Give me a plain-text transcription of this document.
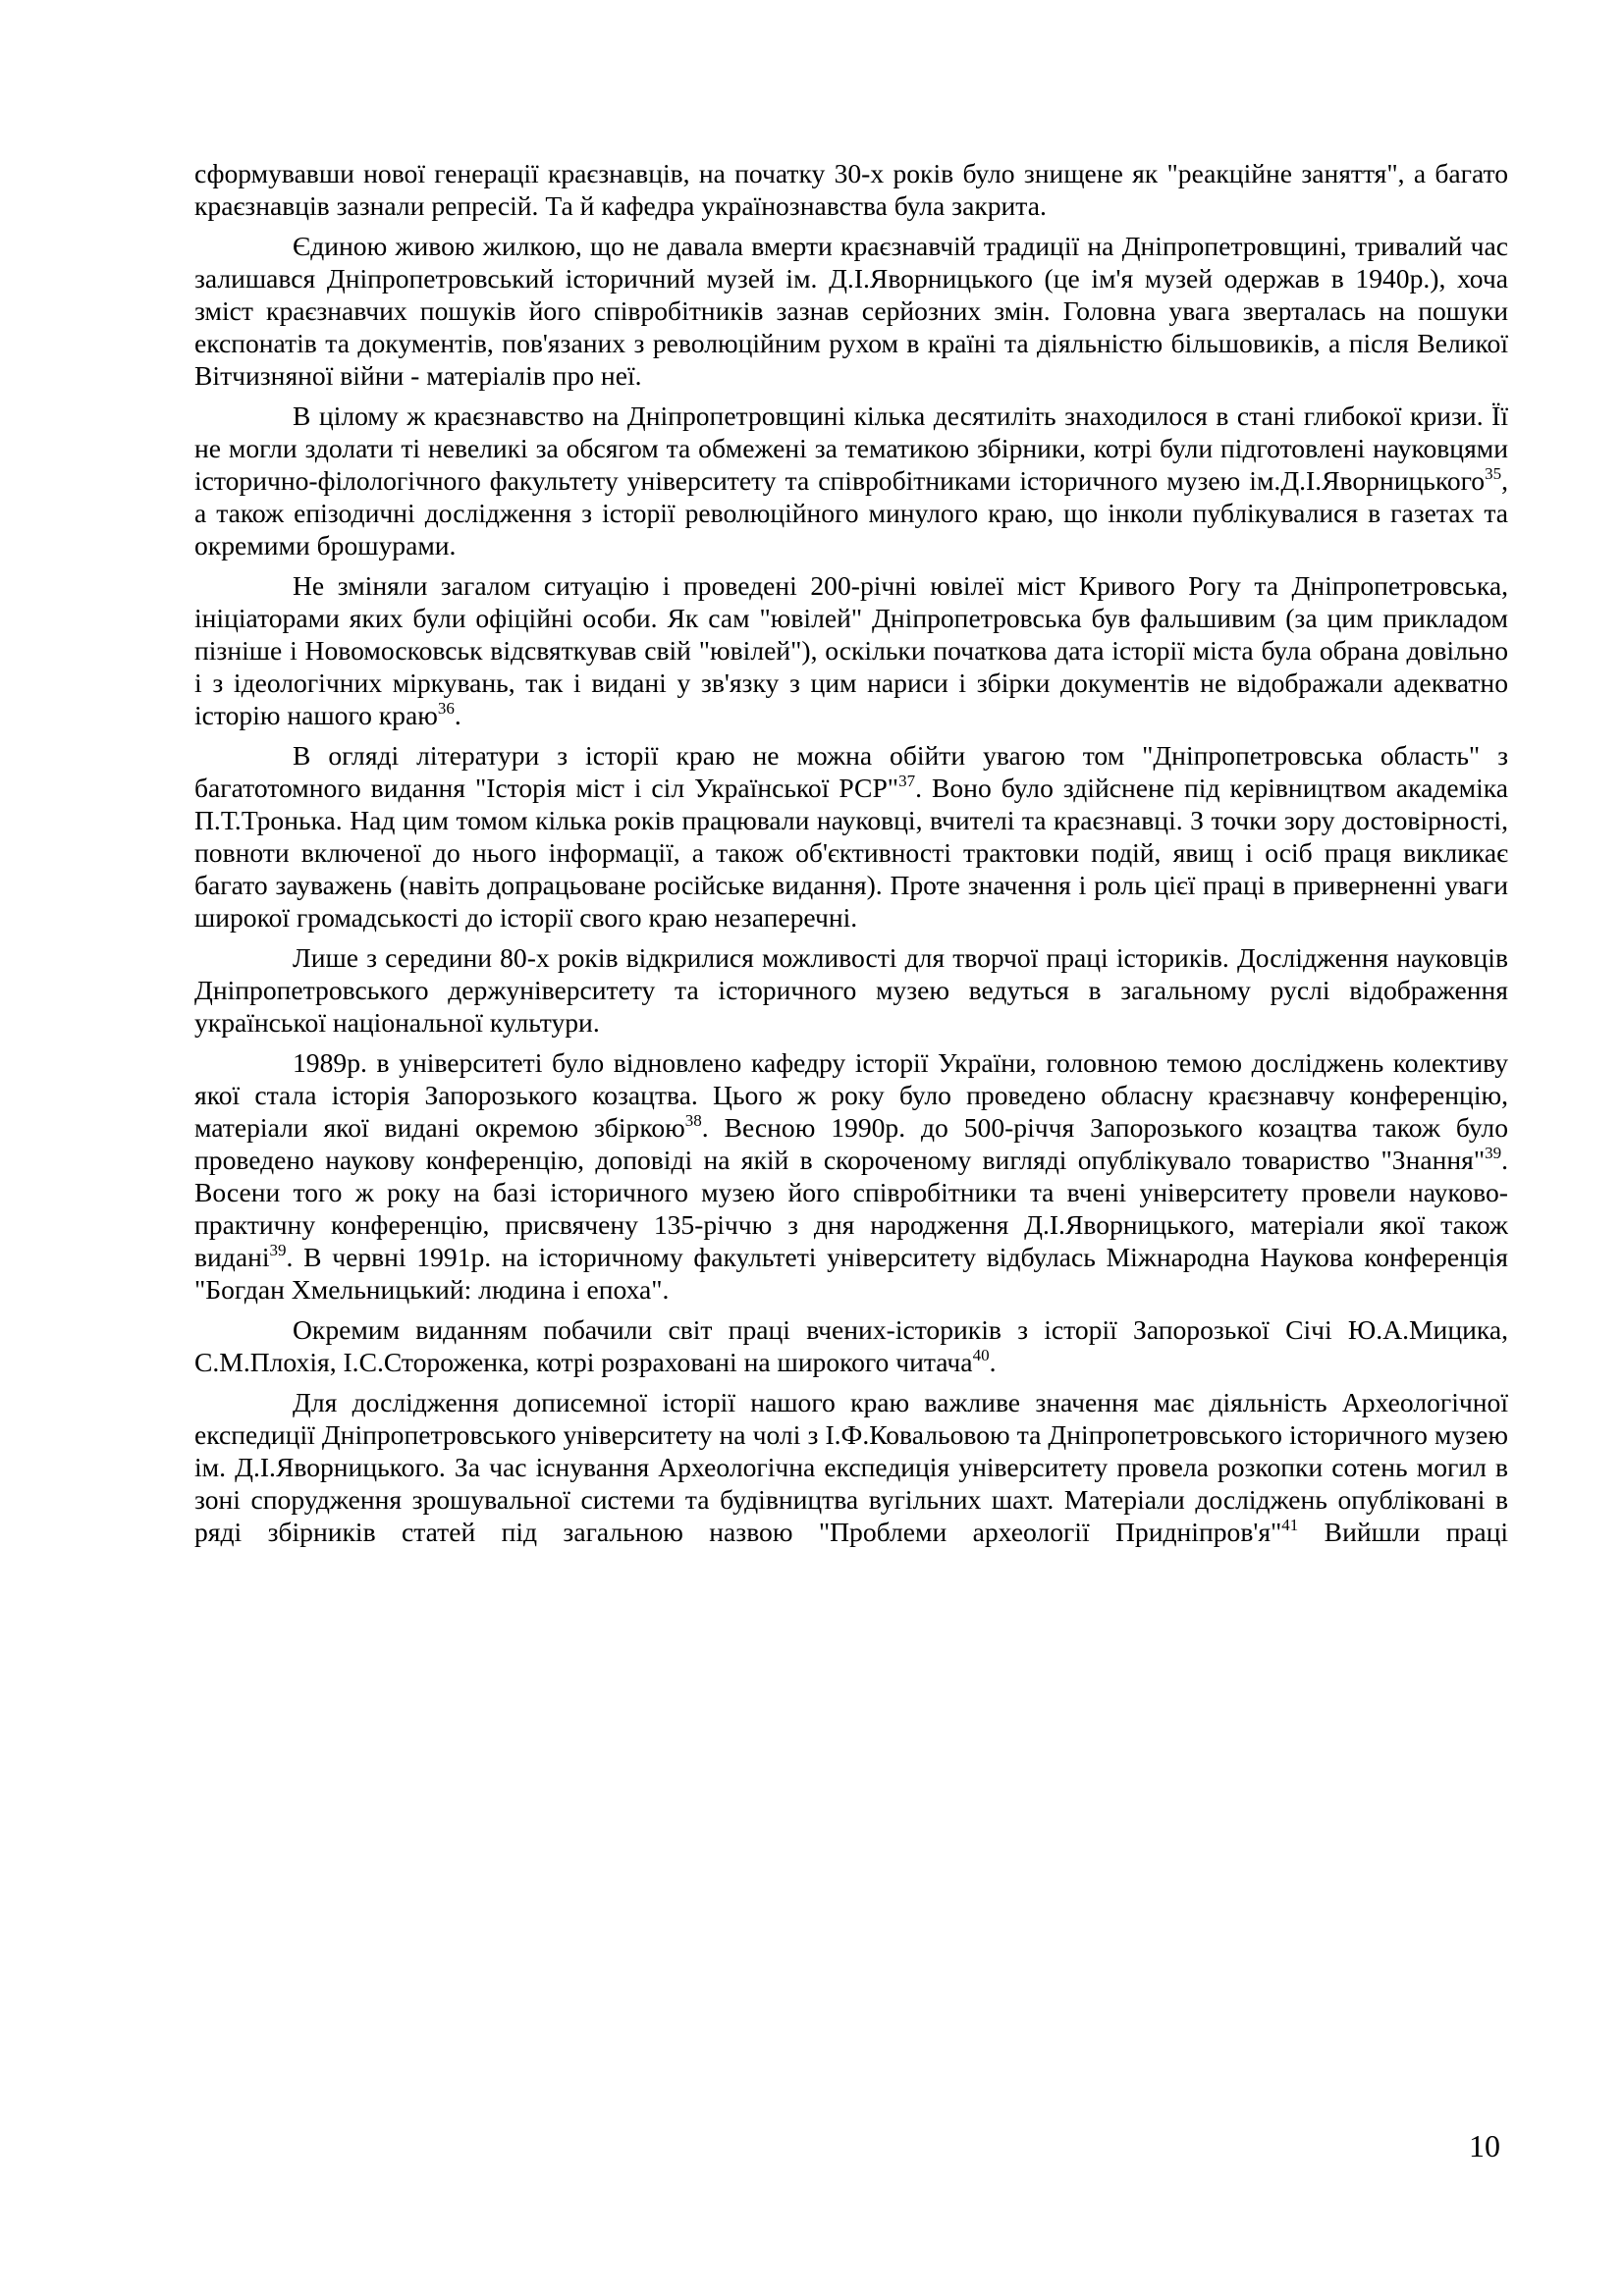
сформувавши нової генерації краєзнавців, на початку 30-х років було знищене як "реакційне заняття", а багато краєзнавців зазнали репресій. Та й кафедра українознавства була закрита.

Єдиною живою жилкою, що не давала вмерти краєзнавчій традиції на Дніпропетровщині, тривалий час залишався Дніпропетровський історичний музей ім. Д.І.Яворницького (це ім'я музей одержав в 1940р.), хоча зміст краєзнавчих пошуків його співробітників зазнав серйозних змін. Головна увага зверталась на пошуки експонатів та документів, пов'язаних з революційним рухом в країні та діяльністю більшовиків, а після Великої Вітчизняної війни - матеріалів про неї.

В цілому ж краєзнавство на Дніпропетровщині кілька десятиліть знаходилося в стані глибокої кризи. Її не могли здолати ті невеликі за обсягом та обмежені за тематикою збірники, котрі були підготовлені науковцями історично-філологічного факультету університету та співробітниками історичного музею ім.Д.І.Яворницького$^{35}$, а також епізодичні дослідження з історії революційного минулого краю, що інколи публікувалися в газетах та окремими брошурами.

Не зміняли загалом ситуацію і проведені 200-річні ювілеї міст Кривого Рогу та Дніпропетровська, ініціаторами яких були офіційні особи. Як сам "ювілей" Дніпропетровська був фальшивим (за цим прикладом пізніше і Новомосковськ відсвяткував свій "ювілей"), оскільки початкова дата історії міста була обрана довільно і з ідеологічних міркувань, так і видані у зв'язку з цим нариси і збірки документів не відображали адекватно історію нашого краю$^{36}$.

В огляді літератури з історії краю не можна обійти увагою том "Дніпропетровська область" з багатотомного видання "Історія міст і сіл Української РСР"$^{37}$. Воно було здійснене під керівництвом академіка П.Т.Тронька. Над цим томом кілька років працювали науковці, вчителі та краєзнавці. З точки зору достовірності, повноти включеної до нього інформації, а також об'єктивності трактовки подій, явищ і осіб праця викликає багато зауважень (навіть допрацьоване російське видання). Проте значення і роль цієї праці в приверненні уваги широкої громадськості до історії свого краю незаперечні.

Лише з середини 80-х років відкрилися можливості для творчої праці істориків. Дослідження науковців Дніпропетровського держуніверситету та історичного музею ведуться в загальному руслі відображення української національної культури.

1989р. в університеті було відновлено кафедру історії України, головною темою досліджень колективу якої стала історія Запорозького козацтва. Цього ж року було проведено обласну краєзнавчу конференцію, матеріали якої видані окремою збіркою$^{38}$. Весною 1990р. до 500-річчя Запорозького козацтва також було проведено наукову конференцію, доповіді на якій в скороченому вигляді опублікувало товариство "Знання"$^{39}$. Восени того ж року на базі історичного музею його співробітники та вчені університету провели науково-практичну конференцію, присвячену 135-річчю з дня народження Д.І.Яворницького, матеріали якої також видані$^{39}$. В червні 1991р. на історичному факультеті університету відбулась Міжнародна Наукова конференція "Богдан Хмельницький: людина і епоха".

Окремим виданням побачили світ праці вчених-істориків з історії Запорозької Січі Ю.А.Мицика, С.М.Плохія, І.С.Стороженка, котрі розраховані на широкого читача$^{40}$.

Для дослідження дописемної історії нашого краю важливе значення має діяльність Археологічної експедиції Дніпропетровського університету на чолі з І.Ф.Ковальовою та Дніпропетровського історичного музею ім. Д.І.Яворницького. За час існування Археологічна експедиція університету провела розкопки сотень могил в зоні спорудження зрошувальної системи та будівництва вугільних шахт. Матеріали досліджень опубліковані в ряді збірників статей під загальною назвою "Проблеми археології Придніпров'я"$^{41}$ Вийшли праці

10
